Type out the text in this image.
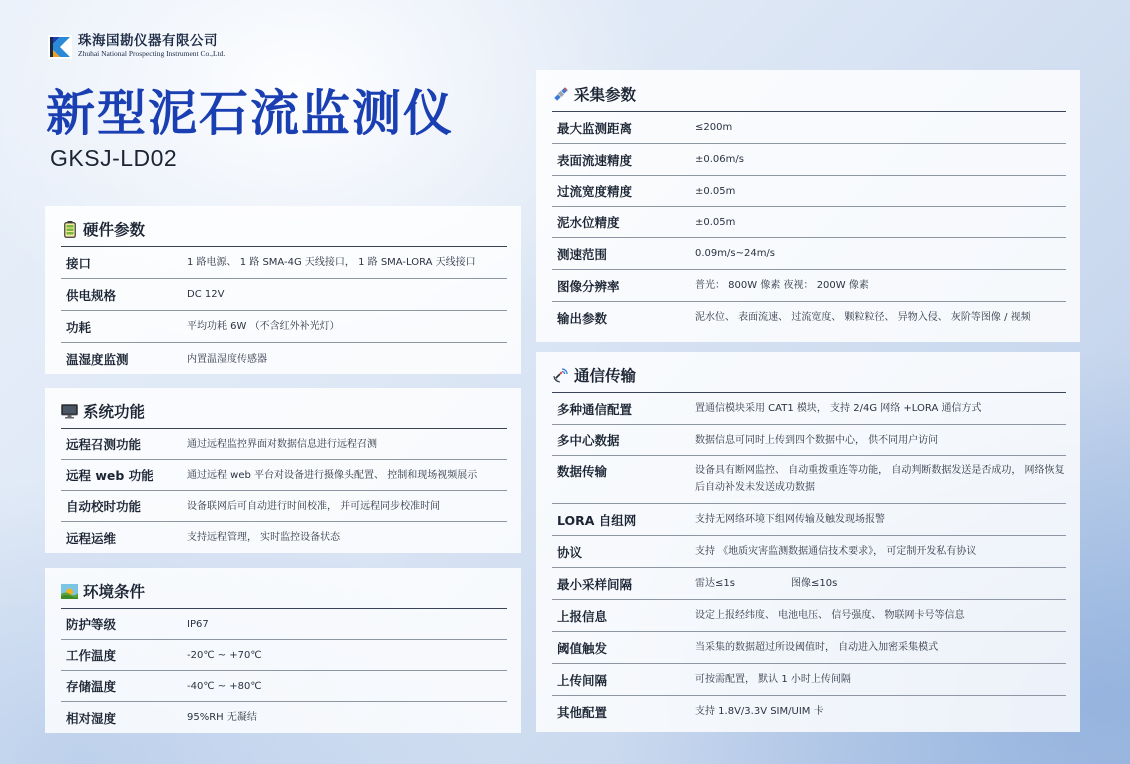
珠海国勘仪器有限公司
Zhuhai National Prospecting Instrument Co.,Ltd.
新型泥石流监测仪
GKSJ-LD02
硬件参数
接口	1 路电源、 1 路 SMA-4G 天线接口， 1 路 SMA-LORA 天线接口
供电规格	DC 12V
功耗	平均功耗 6W （不含红外补光灯）
温湿度监测	内置温湿度传感器
系统功能
远程召测功能	通过远程监控界面对数据信息进行远程召测
远程 web 功能	通过远程 web 平台对设备进行摄像头配置、 控制和现场视频展示
自动校时功能	设备联网后可自动进行时间校准， 并可远程同步校准时间
远程运维	支持远程管理， 实时监控设备状态
环境条件
防护等级	IP67
工作温度	-20℃ ~ +70℃
存储温度	-40℃ ~ +80℃
相对湿度	95%RH 无凝结
采集参数
最大监测距离	≤200m
表面流速精度	±0.06m/s
过流宽度精度	±0.05m
泥水位精度	±0.05m
测速范围	0.09m/s~24m/s
图像分辨率	普光： 800W 像素 夜视： 200W 像素
输出参数	泥水位、 表面流速、 过流宽度、 颗粒粒径、 异物入侵、 灰阶等图像 / 视频
通信传输
多种通信配置	置通信模块采用 CAT1 模块， 支持 2/4G 网络 +LORA 通信方式
多中心数据	数据信息可同时上传到四个数据中心， 供不同用户访问
数据传输	设备具有断网监控、 自动重拨重连等功能， 自动判断数据发送是否成功， 网络恢复后自动补发未发送成功数据
LORA 自组网	支持无网络环境下组网传输及触发现场报警
协议	支持 《地质灾害监测数据通信技术要求》， 可定制开发私有协议
最小采样间隔	雷达≤1s	图像≤10s
上报信息	设定上报经纬度、 电池电压、 信号强度、 物联网卡号等信息
阈值触发	当采集的数据超过所设阈值时， 自动进入加密采集模式
上传间隔	可按需配置， 默认 1 小时上传间隔
其他配置	支持 1.8V/3.3V SIM/UIM 卡
